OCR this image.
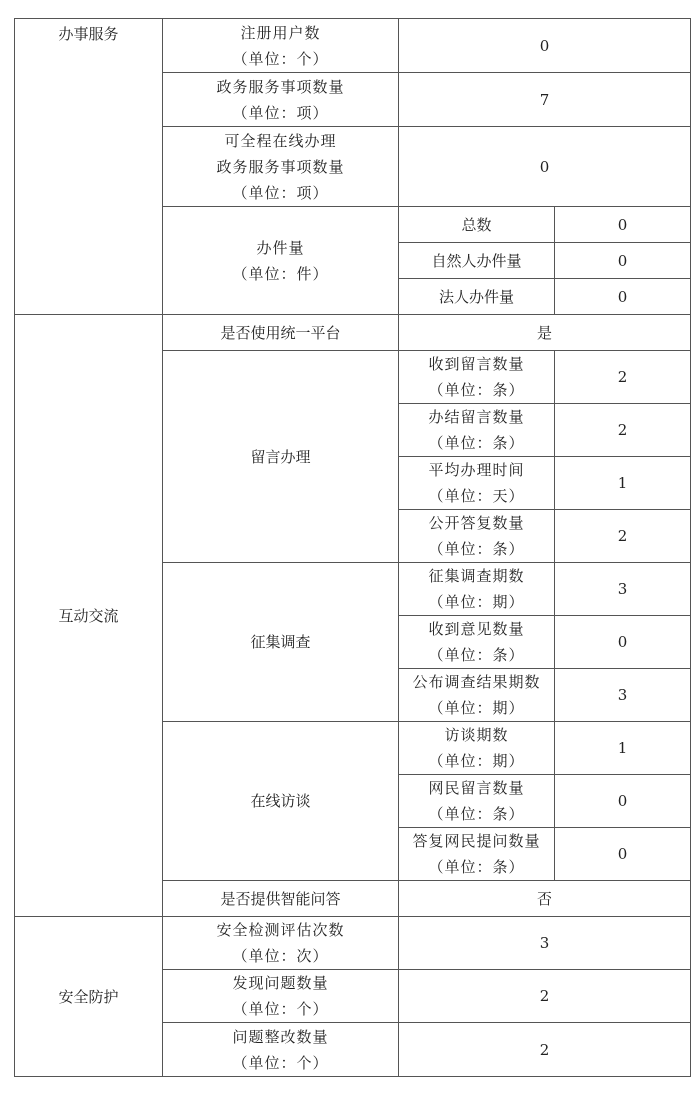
办事服务	注册用户数
（单位：个）	0	

	政务服务事项数量
（单位：项）	7	

	可全程在线办理
政务服务事项数量
（单位：项）	0	

	办件量
（单位：件）	总数	0
		自然人办件量	0
		法人办件量	0

互动交流	是否使用统一平台	是	
	留言办理	收到留言数量
（单位：条）	2

		办结留言数量
（单位：条）	2

		平均办理时间
（单位：天）	1

		公开答复数量
（单位：条）	2
	征集调查	征集调查期数
（单位：期）	3

		收到意见数量
（单位：条）	0

		公布调查结果期数
（单位：期）	3
	在线访谈	访谈期数
（单位：期）	1

		网民留言数量
（单位：条）	0

		答复网民提问数量
（单位：条）	0
	是否提供智能问答	否	

安全防护	安全检测评估次数
（单位：次）	3	

	发现问题数量
（单位：个）	2	

	问题整改数量
（单位：个）	2	
